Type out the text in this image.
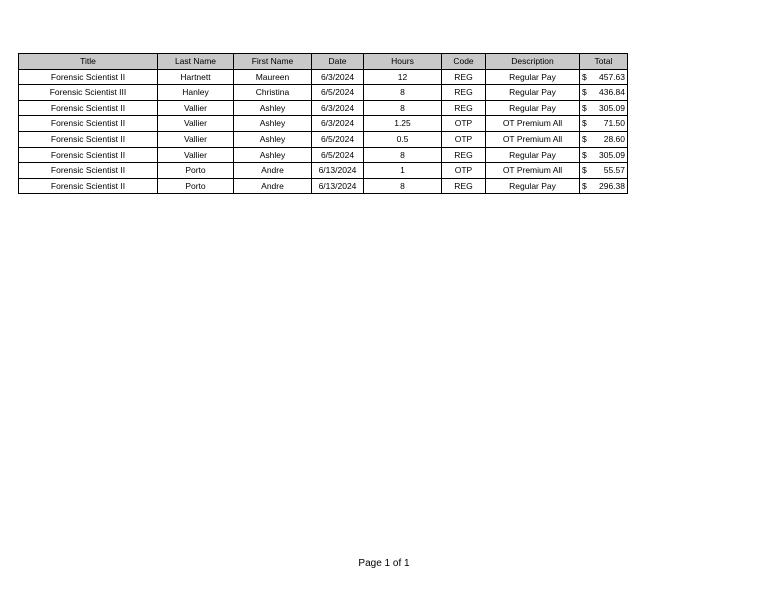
Title	Last Name	First Name	Date	Hours	Code	Description	Total
Forensic Scientist II	Hartnett	Maureen	6/3/2024	12	REG	Regular Pay	$ 457.63

Forensic Scientist III	Hanley	Christina	6/5/2024	8	REG	Regular Pay	$ 436.84

Forensic Scientist II	Vallier	Ashley	6/3/2024	8	REG	Regular Pay	$ 305.09

Forensic Scientist II	Vallier	Ashley	6/3/2024	1.25	OTP	OT Premium All	$ 71.50

Forensic Scientist II	Vallier	Ashley	6/5/2024	0.5	OTP	OT Premium All	$ 28.60

Forensic Scientist II	Vallier	Ashley	6/5/2024	8	REG	Regular Pay	$ 305.09

Forensic Scientist II	Porto	Andre	6/13/2024	1	OTP	OT Premium All	$ 55.57

Forensic Scientist II	Porto	Andre	6/13/2024	8	REG	Regular Pay	$ 296.38
Page 1 of 1
